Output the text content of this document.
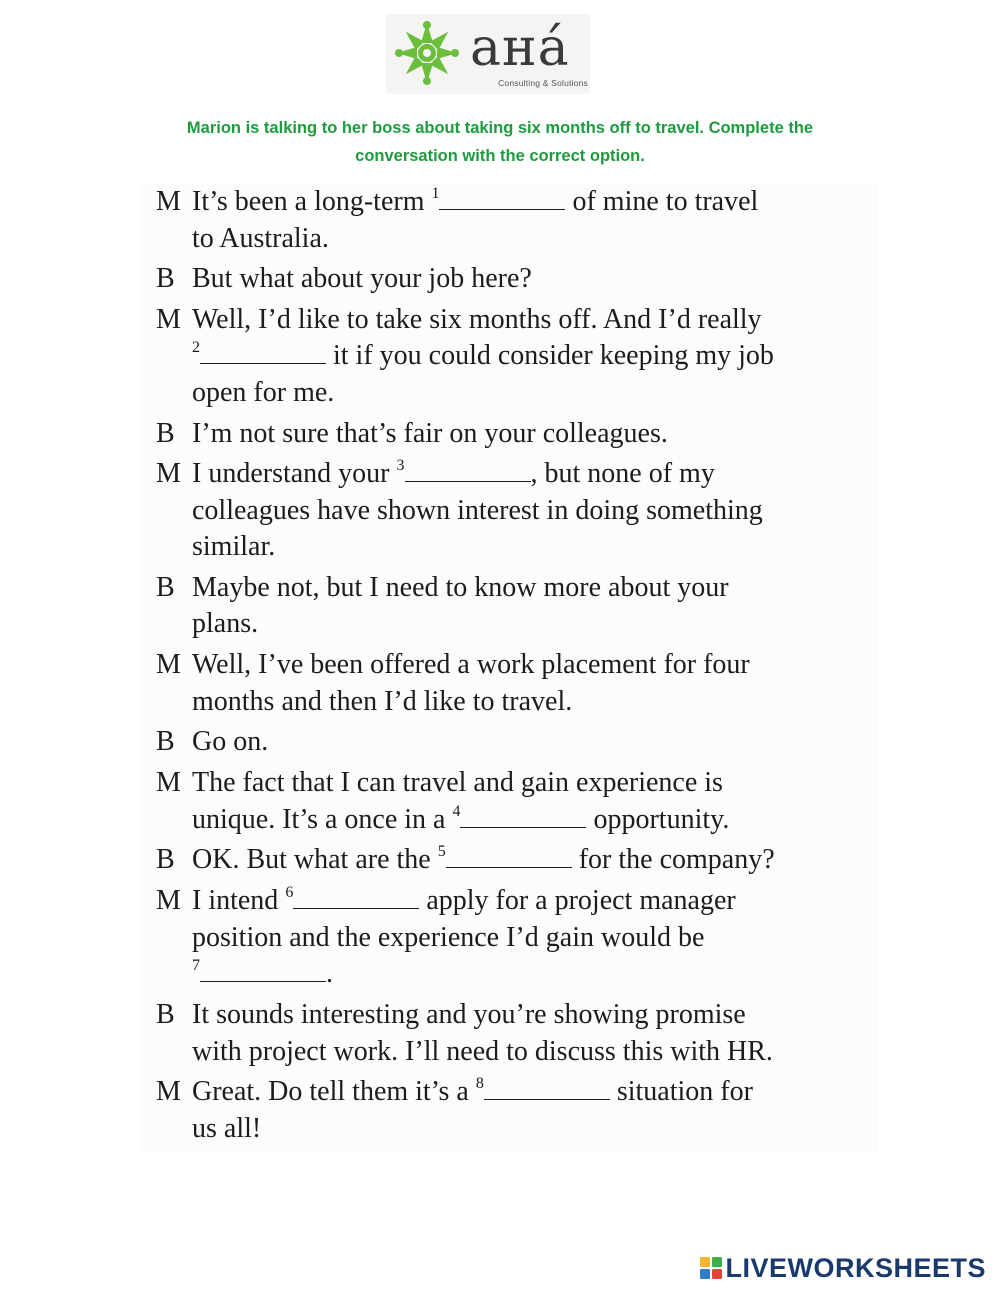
aнá
Consulting & Solutions
Marion is talking to her boss about taking six months off to travel. Complete the conversation with the correct option.
M It’s been a long-term $^1$	of mine to travel
to Australia.
B But what about your job here?
M Well, I’d like to take six months off. And I’d really
$^2$	it if you could consider keeping my job
open for me.
B I’m not sure that’s fair on your colleagues.
M I understand your $^3$	, but none of my
colleagues have shown interest in doing something
similar.
B Maybe not, but I need to know more about your
plans.
M Well, I’ve been offered a work placement for four
months and then I’d like to travel.
B Go on.
M The fact that I can travel and gain experience is
unique. It’s a once in a $^4$	opportunity.
B OK. But what are the $^5$	for the company?
M I intend $^6$	apply for a project manager
position and the experience I’d gain would be
$^7$	.
B It sounds interesting and you’re showing promise
with project work. I’ll need to discuss this with HR.
M Great. Do tell them it’s a $^8$	situation for
us all!
LIVEWORKSHEETS
